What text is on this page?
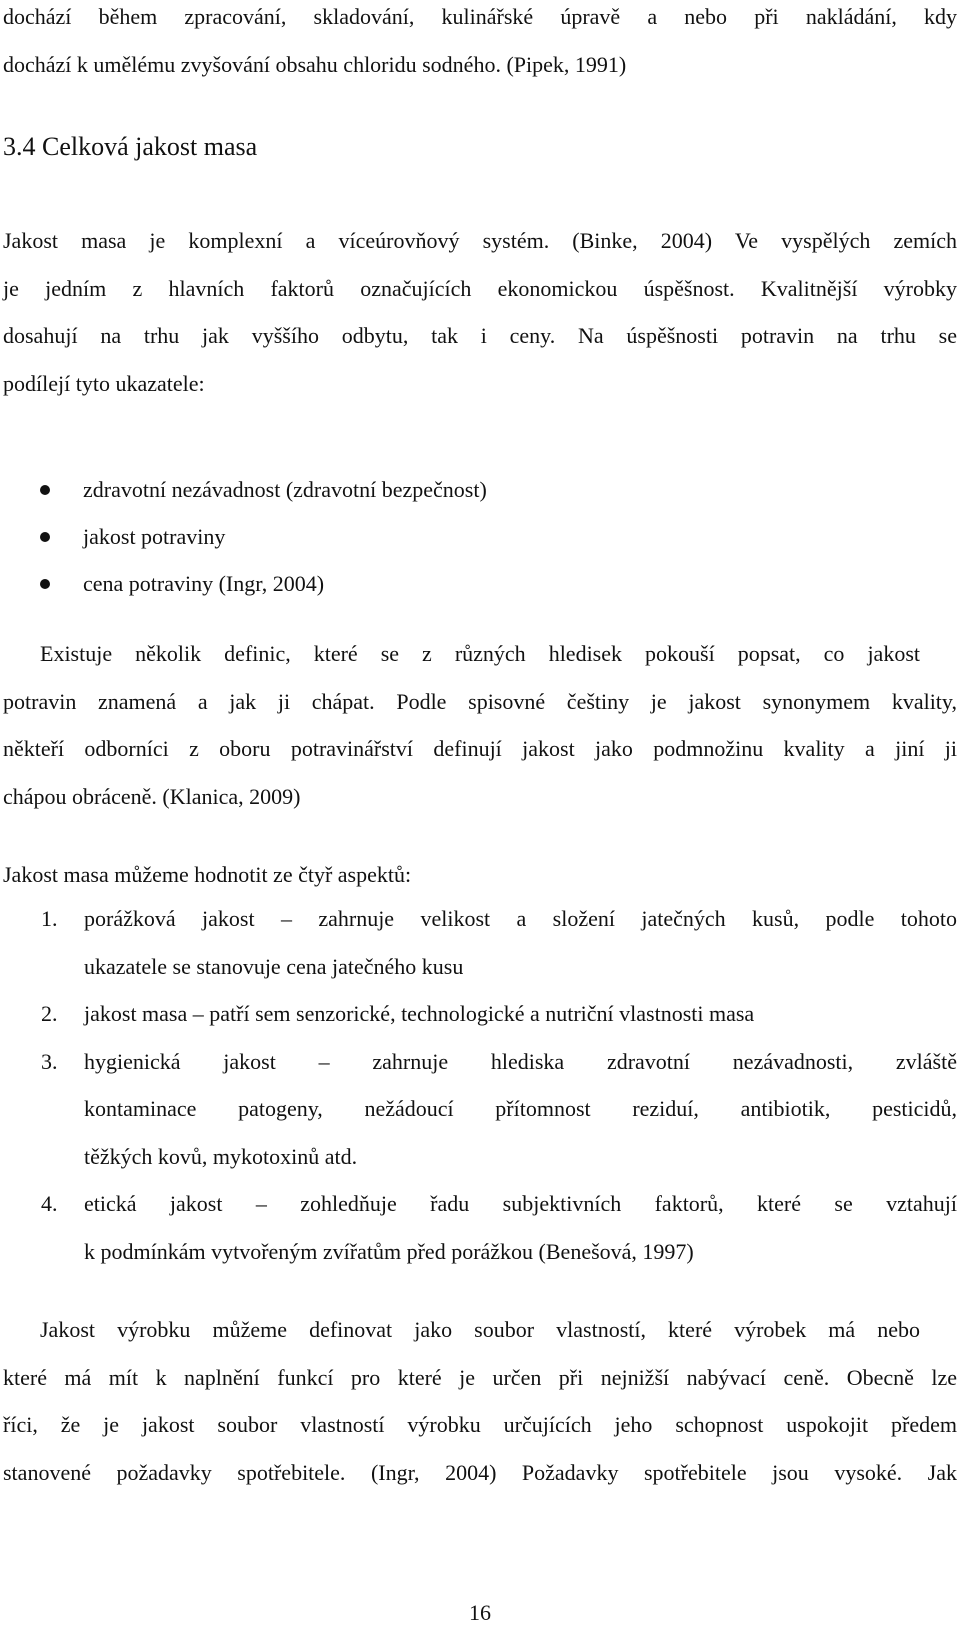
dochází během zpracování, skladování, kulinářské úpravě a nebo při nakládání, kdy
dochází k umělému zvyšování obsahu chloridu sodného. (Pipek, 1991)

3.4 Celková jakost masa

Jakost masa je komplexní a víceúrovňový systém. (Binke, 2004) Ve vyspělých zemích
je jedním z hlavních faktorů označujících ekonomickou úspěšnost. Kvalitnější výrobky
dosahují na trhu jak vyššího odbytu, tak i ceny. Na úspěšnosti potravin na trhu se
podílejí tyto ukazatele:

zdravotní nezávadnost (zdravotní bezpečnost)
jakost potraviny
cena potraviny (Ingr, 2004)

Existuje několik definic, které se z různých hledisek pokouší popsat, co jakost
potravin znamená a jak ji chápat. Podle spisovné češtiny je jakost synonymem kvality,
někteří odborníci z oboru potravinářství definují jakost jako podmnožinu kvality a jiní ji
chápou obráceně. (Klanica, 2009)

Jakost masa můžeme hodnotit ze čtyř aspektů:

1. porážková jakost – zahrnuje velikost a složení jatečných kusů, podle tohoto
ukazatele se stanovuje cena jatečného kusu
2. jakost masa – patří sem senzorické, technologické a nutriční vlastnosti masa
3. hygienická jakost – zahrnuje hlediska zdravotní nezávadnosti, zvláště
kontaminace patogeny, nežádoucí přítomnost reziduí, antibiotik, pesticidů,
těžkých kovů, mykotoxinů atd.
4. etická jakost – zohledňuje řadu subjektivních faktorů, které se vztahují
k podmínkám vytvořeným zvířatům před porážkou (Benešová, 1997)

Jakost výrobku můžeme definovat jako soubor vlastností, které výrobek má nebo
které má mít k naplnění funkcí pro které je určen při nejnižší nabývací ceně. Obecně lze
říci, že je jakost soubor vlastností výrobku určujících jeho schopnost uspokojit předem
stanovené požadavky spotřebitele. (Ingr, 2004) Požadavky spotřebitele jsou vysoké. Jak

16
